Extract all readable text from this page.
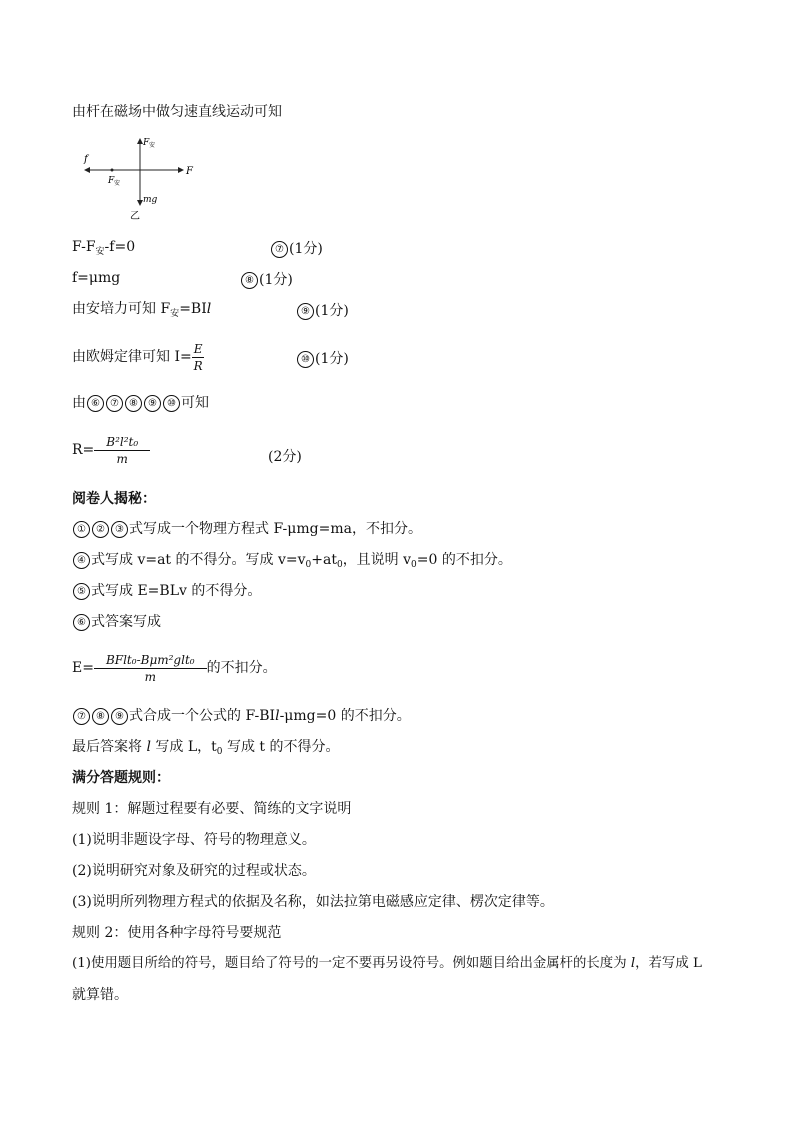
由杆在磁场中做匀速直线运动可知
f
F
F 安
F 安
mg
乙
$F-F_安-f=0$	⑦ (1分)
f=μmg	⑧ (1分)
由安培力可知 $F_安=BIl$	⑨ (1分)
由欧姆定律可知 $I= \frac{E}{R}$	⑩ (1分)
由 ⑥ ⑦ ⑧ ⑨ ⑩ 可知
$R= \frac{\text{B²l²t₀}}{m}$	(2分)
阅卷人揭秘：
① ② ③ 式写成一个物理方程式 F-μmg=ma，不扣分。
④ 式写成 v=at 的不得分。写成 $v=v_0+at_0$，且说明 $v_0=0$ 的不扣分。
⑤ 式写成 E=BLv 的不得分。
⑥ 式答案写成
$E= \frac{\text{BFlt₀-Bμm²glt₀}}{m}$ 的不扣分。
⑦ ⑧ ⑨ 式合成一个公式的 F-BIl-μmg=0 的不扣分。
最后答案将 l 写成 L，$t_0$ 写成 t 的不得分。
满分答题规则：
规则 1：解题过程要有必要、简练的文字说明
(1)说明非题设字母、符号的物理意义。
(2)说明研究对象及研究的过程或状态。
(3)说明所列物理方程式的依据及名称，如法拉第电磁感应定律、楞次定律等。
规则 2：使用各种字母符号要规范
(1)使用题目所给的符号，题目给了符号的一定不要再另设符号。例如题目给出金属杆的长度为 l，若写成 L
就算错。
